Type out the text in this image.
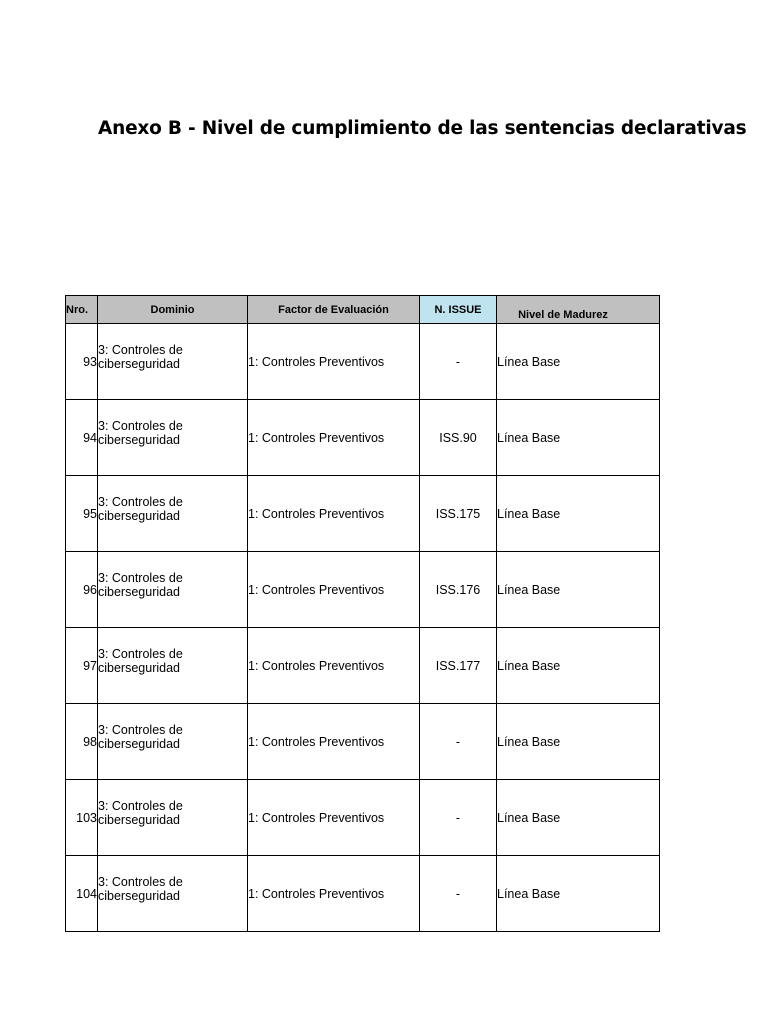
Anexo B - Nivel de cumplimiento de las sentencias declarativas
Nro.	Dominio	Factor de Evaluación	N. ISSUE	Nivel de Madurez
93	3: Controles de
ciberseguridad	1: Controles Preventivos	-	Línea Base
94	3: Controles de
ciberseguridad	1: Controles Preventivos	ISS.90	Línea Base
95	3: Controles de
ciberseguridad	1: Controles Preventivos	ISS.175	Línea Base
96	3: Controles de
ciberseguridad	1: Controles Preventivos	ISS.176	Línea Base
97	3: Controles de
ciberseguridad	1: Controles Preventivos	ISS.177	Línea Base
98	3: Controles de
ciberseguridad	1: Controles Preventivos	-	Línea Base
103	3: Controles de
ciberseguridad	1: Controles Preventivos	-	Línea Base
104	3: Controles de
ciberseguridad	1: Controles Preventivos	-	Línea Base
